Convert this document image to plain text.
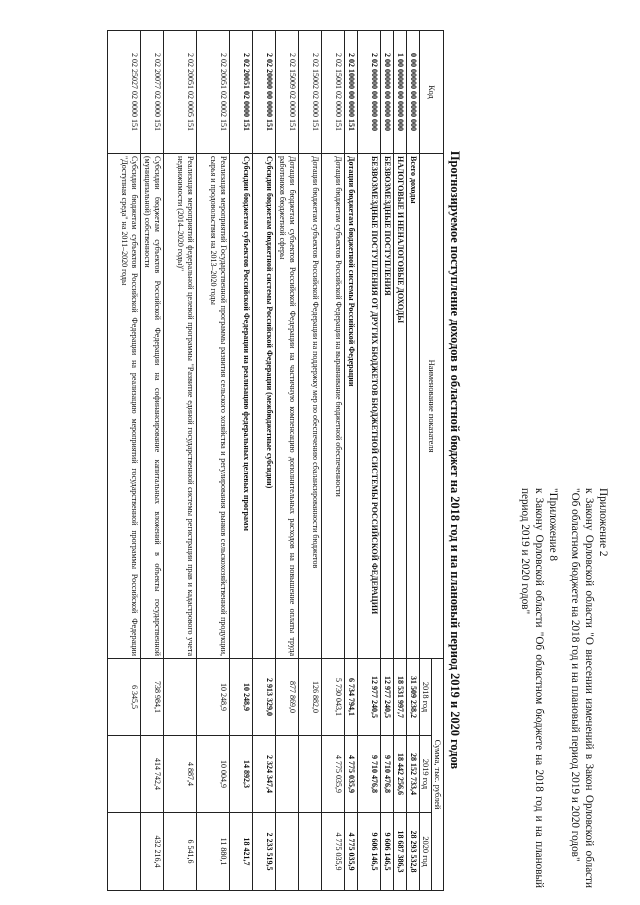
Приложение 2

к Закону Орловской области "О внесении изменений в Закон Орловской области "Об областном бюджете на 2018 год и на плановый период 2019 и 2020 годов"

"Приложение 8

к Закону Орловской области "Об областном бюджете на 2018 год и на плановый период 2019 и 2020 годов"

Прогнозируемое поступление доходов в областной бюджет на 2018 год и на плановый период 2019 и 2020 годов
Код	Наименование показателя	Сумма, тыс. рублей		
		2018 год	2019 год	2020 год
0 00 00000 00 0000 000	Всего доходы	31 509 238,2	28 152 733,4	28 293 532,8
1 00 00000 00 0000 000	НАЛОГОВЫЕ И НЕНАЛОГОВЫЕ ДОХОДЫ	18 531 997,7	18 442 256,6	18 687 386,3
2 00 00000 00 0000 000	БЕЗВОЗМЕЗДНЫЕ ПОСТУПЛЕНИЯ	12 977 240,5	9 710 476,8	9 606 146,5
2 02 00000 00 0000 000	БЕЗВОЗМЕЗДНЫЕ ПОСТУПЛЕНИЯ ОТ ДРУГИХ БЮДЖЕТОВ БЮДЖЕТНОЙ СИСТЕМЫ РОССИЙСКОЙ ФЕДЕРАЦИИ	12 977 240,5	9 710 476,8	9 606 146,5
2 02 10000 00 0000 151	Дотации бюджетам бюджетной системы Российской Федерации	6 734 794,1	4 775 035,9	4 775 035,9
2 02 15001 02 0000 151	Дотации бюджетам субъектов Российской Федерации на выравнивание бюджетной обеспеченности	5 730 043,1	4 775 035,9	4 775 035,9
2 02 15002 02 0000 151	Дотации бюджетам субъектов Российской Федерации на поддержку мер по обеспечению сбалансированности бюджетов	126 882,0		
2 02 15009 02 0000 151	Дотации бюджетам субъектов Российской Федерации на частичную компенсацию дополнительных расходов на повышение оплаты труда работников бюджетной сферы	877 869,0		
2 02 20000 00 0000 151	Субсидии бюджетам бюджетной системы Российской Федерации (межбюджетные субсидии)	2 913 329,0	2 324 347,4	2 233 519,5
2 02 20051 02 0000 151	Субсидии бюджетам субъектов Российской Федерации на реализацию федеральных целевых программ	10 248,9	14 892,3	18 421,7
2 02 20051 02 0002 151	Реализация мероприятий Государственной программы развития сельского хозяйства и регулирования рынков сельскохозяйственной продукции, сырья и продовольствия на 2013–2020 годы	10 248,9	10 004,9	11 880,1
2 02 20051 02 0005 151	Реализация мероприятий федеральной целевой программы "Развитие единой государственной системы регистрации прав и кадастрового учета недвижимости (2014–2020 годы)"		4 887,4	6 541,6
2 02 20077 02 0000 151	Субсидии бюджетам субъектов Российской Федерации на софинансирование капитальных вложений в объекты государственной (муниципальной) собственности	738 984,1	414 742,4	432 216,4
2 02 25027 02 0000 151	Субсидии бюджетам субъектов Российской Федерации на реализацию мероприятий государственной программы Российской Федерации "Доступная среда" на 2011–2020 годы	6 345,5		
